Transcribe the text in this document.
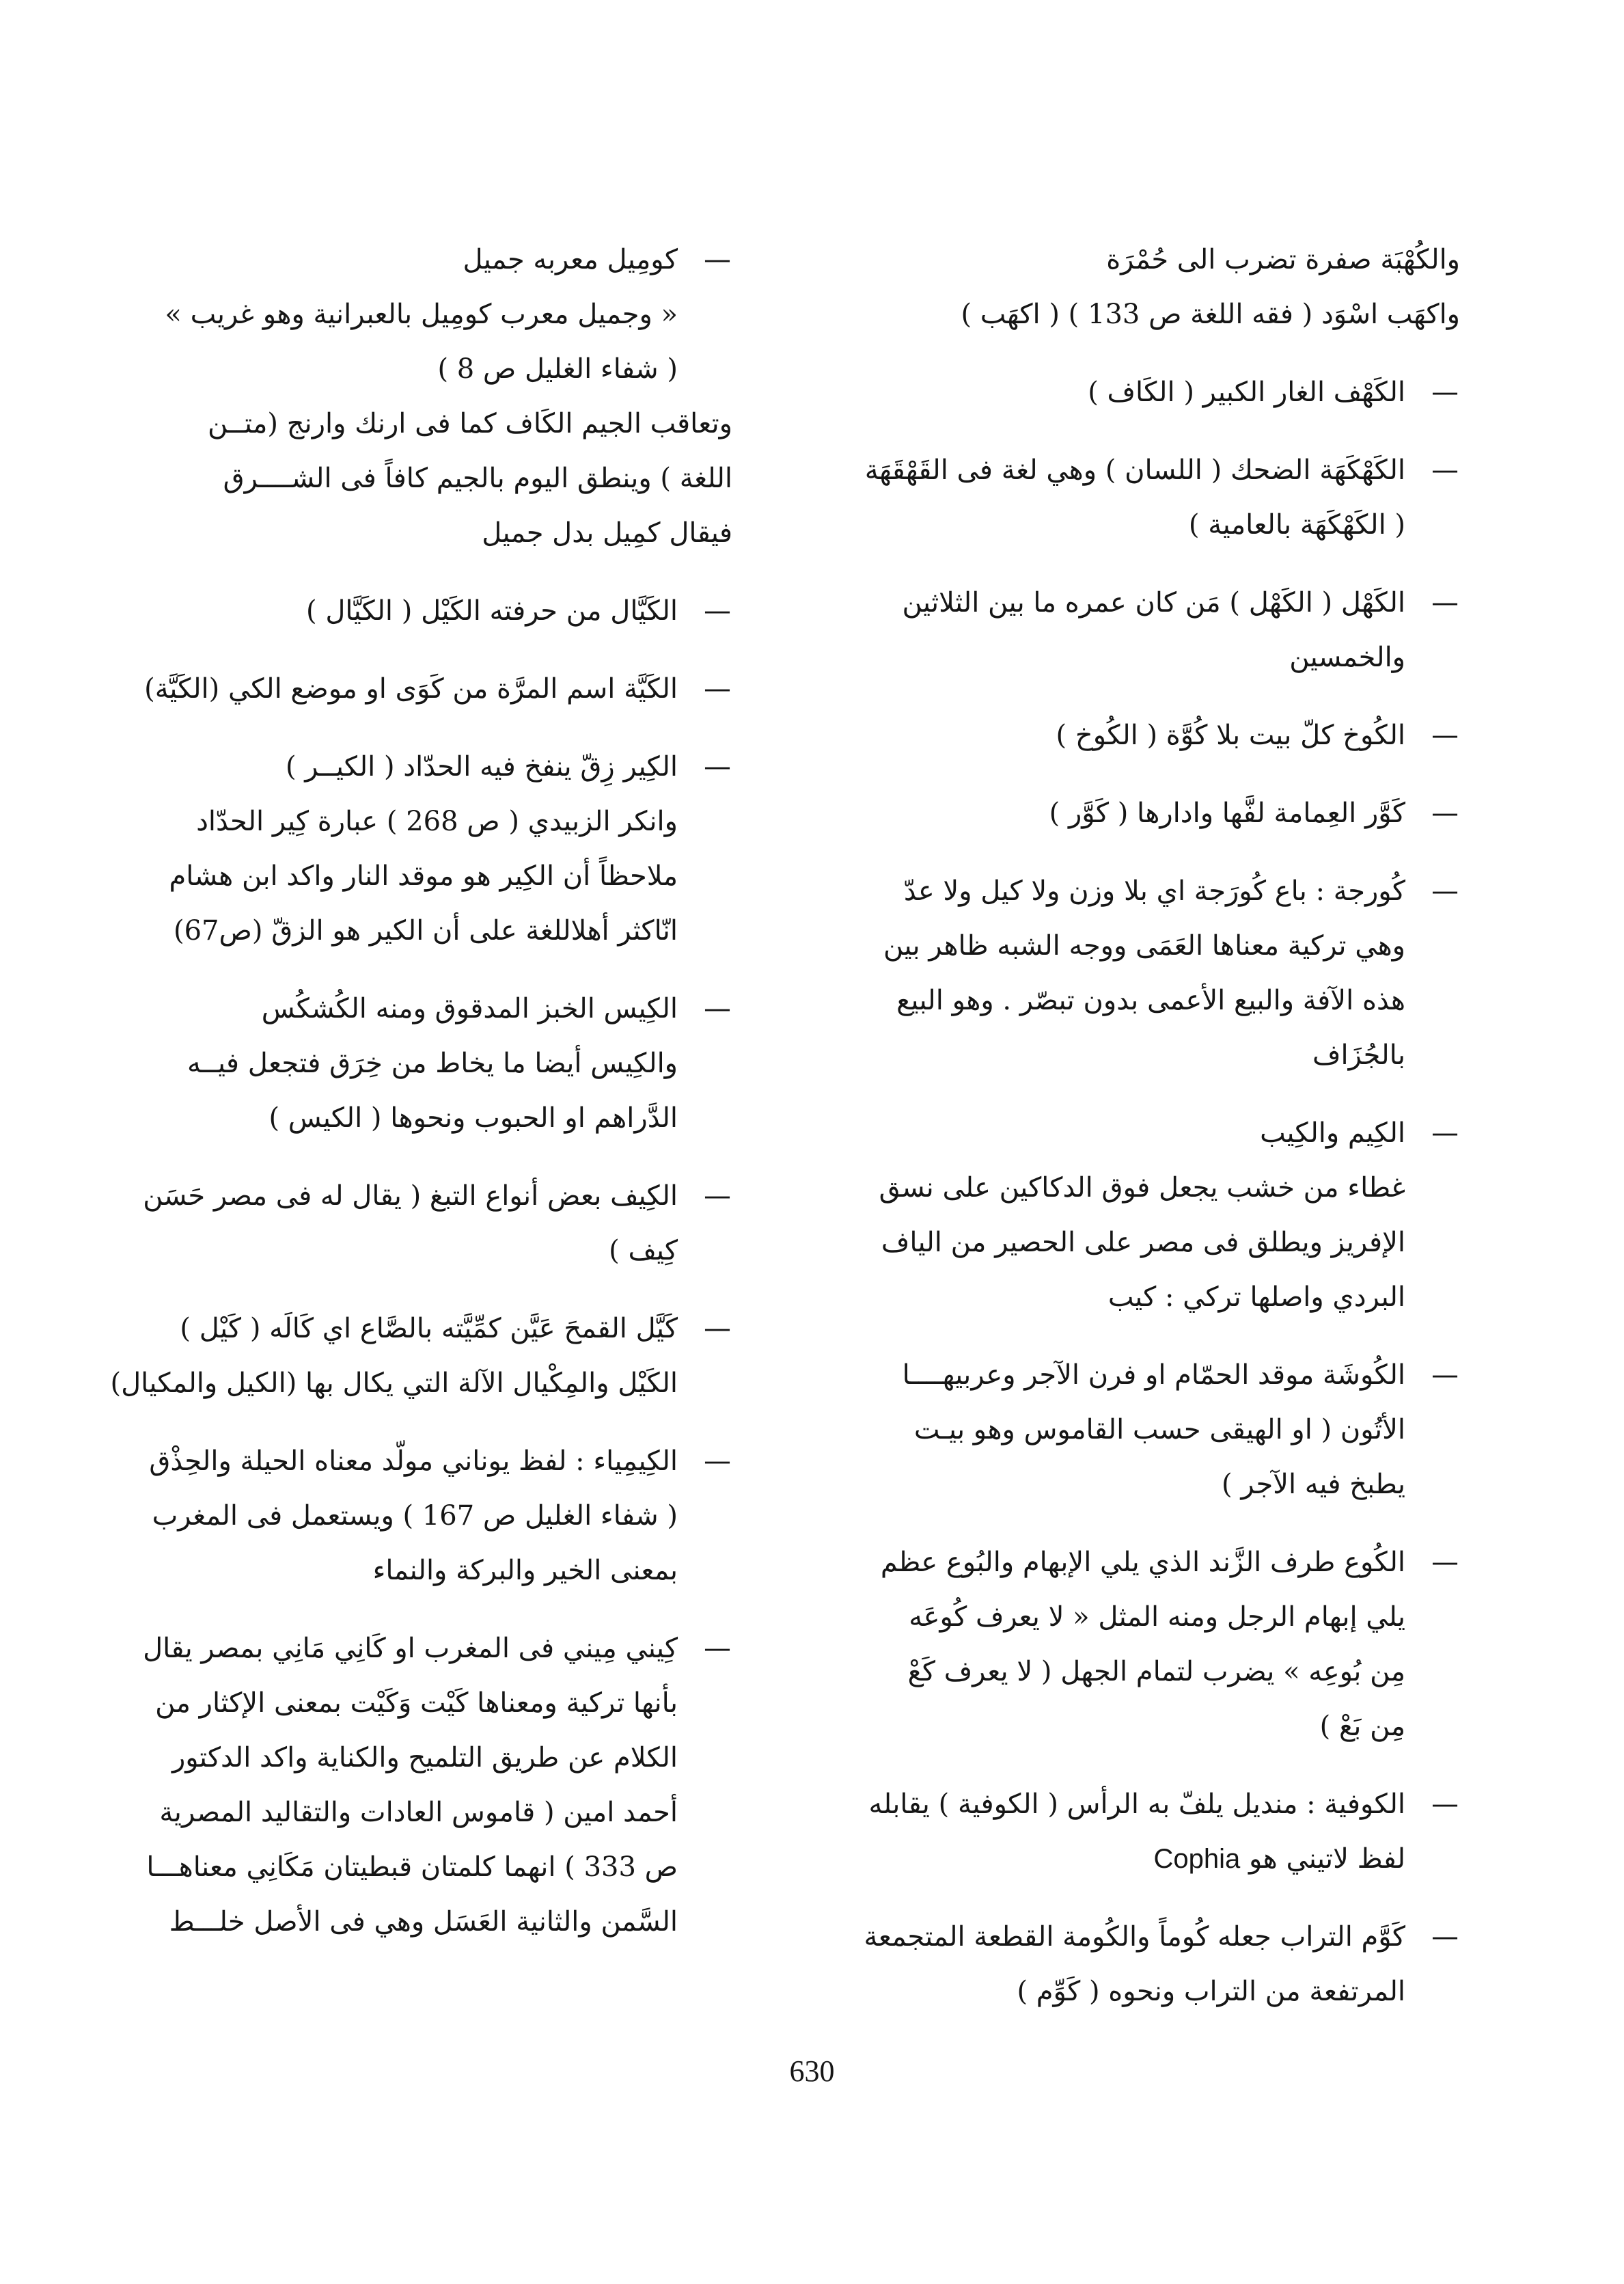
والكُهْبَة صفرة تضرب الى حُمْرَة
واكهَب اسْوَد ( فقه اللغة ص 133 ) ( اكهَب )
—
الكَهْف الغار الكبير ( الكَاف )
—
الكَهْكَهَة الضحك ( اللسان ) وهي لغة فى القَهْقَهَة
( الكَهْكَهَة بالعامية )
—
الكَهْل ( الكَهْل ) مَن كان عمره ما بين الثلاثين
والخمسين
—
الكُوخ كلّ بيت بلا كُوَّة ( الكُوخ )
—
كَوَّر العِمامة لفَّها وادارها ( كَوَّر )
—
كُورجة : باع كُورَجة اي بلا وزن ولا كيل ولا عدّ
وهي تركية معناها العَمَى ووجه الشبه ظاهر بين
هذه الآفة والبيع الأعمى بدون تبصّر . وهو البيع
بالجُزَاف
—
الكِيم والكِيب
غطاء من خشب يجعل فوق الدكاكين على نسق
الإفريز ويطلق فى مصر على الحصير من الياف
البردي واصلها تركي : كيب
—
الكُوشَة موقد الحمّام او فرن الآجر وعربيهــــا
الأتُون ( او الهيقى حسب القاموس وهو بيـت
يطبخ فيه الآجر )
—
الكُوع طرف الزَّند الذي يلي الإبهام والبُوع عظم
يلي إبهام الرجل ومنه المثل « لا يعرف كُوعَه
مِن بُوعِه » يضرب لتمام الجهل ( لا يعرف كَعْ
مِن بَعْ )
—
الكوفية : منديل يلفّ به الرأس ( الكوفية ) يقابله
لفظ لاتيني هو Cophia
—
كَوَّم التراب جعله كُوماً والكُومة القطعة المتجمعة
المرتفعة من التراب ونحوه ( كَوِّم )
—
كومِيل معربه جميل
« وجميل معرب كومِيل بالعبرانية وهو غريب »
( شفاء الغليل ص 8 )
وتعاقب الجيم الكَاف كما فى ارنك وارنج (متــن
اللغة ) وينطق اليوم بالجيم كافاً فى الشــــرق
فيقال كمِيل بدل جميل
—
الكَيَّال من حرفته الكَيْل ( الكَيَّال )
—
الكَيَّة اسم المرَّة من كَوَى او موضع الكي (الكَيَّة)
—
الكِير زِقّ ينفخ فيه الحدّاد ( الكيــر )
وانكر الزبيدي ( ص 268 ) عبارة كِير الحدّاد
ملاحظاً أن الكِير هو موقد النار واكد ابن هشام
انّاكثر أهلاللغة على أن الكير هو الزقّ (ص67)
—
الكِيس الخبز المدقوق ومنه الكُشكُس
والكِيس أيضا ما يخاط من خِرَق فتجعل فيــه
الدَّراهم او الحبوب ونحوها ( الكيس )
—
الكِيف بعض أنواع التبغ ( يقال له فى مصر حَسَن
كِيف )
—
كَيَّل القمحَ عَيَّن كمِّيَّته بالصَّاع اي كَالَه ( كَيْل )
الكَيْل والمِكْيال الآلة التي يكال بها (الكيل والمكيال)
—
الكِيمِياء : لفظ يوناني مولّد معناه الحيلة والحِذْق
( شفاء الغليل ص 167 ) ويستعمل فى المغرب
بمعنى الخير والبركة والنماء
—
كِيني مِيني فى المغرب او كَانِي مَانِي بمصر يقال
بأنها تركية ومعناها كَيْت وَكَيْت بمعنى الإكثار من
الكلام عن طريق التلميح والكناية واكد الدكتور
أحمد امين ( قاموس العادات والتقاليد المصرية
ص 333 ) انهما كلمتان قبطيتان مَكَانِي معناهـــا
السَّمن والثانية العَسَل وهي فى الأصل خلـــط
630
